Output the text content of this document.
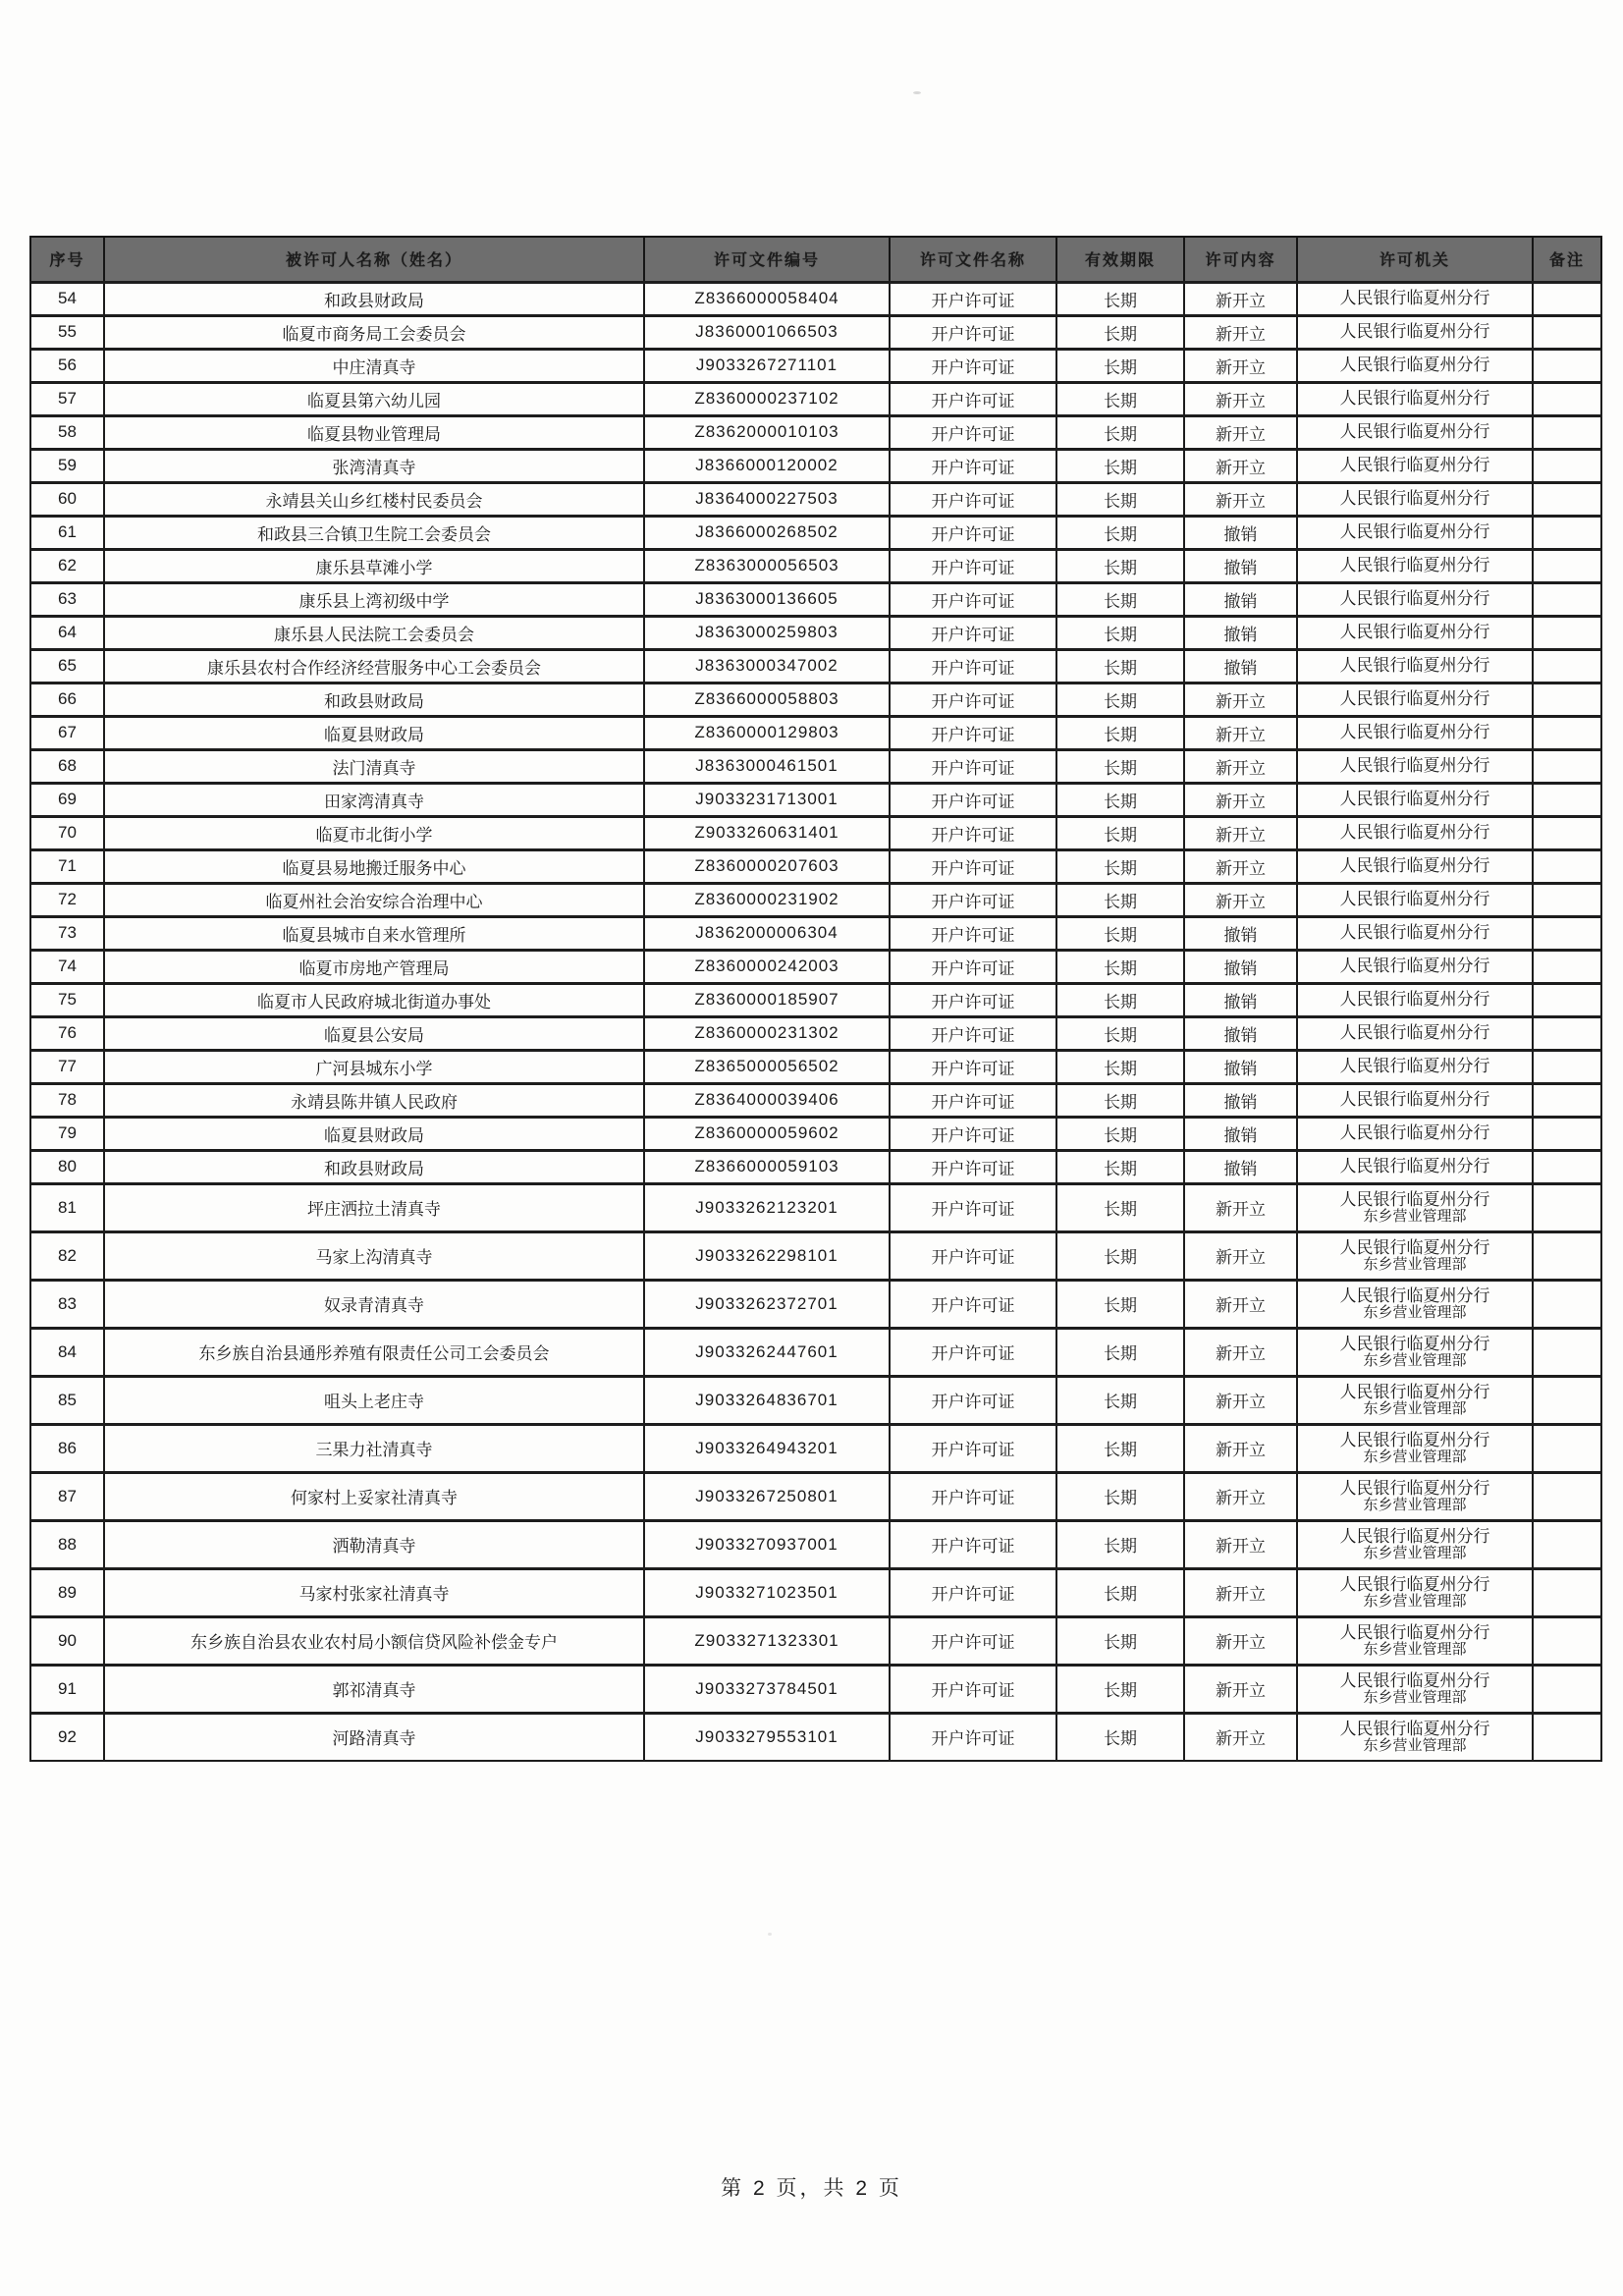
序号	被许可人名称（姓名）	许可文件编号	许可文件名称	有效期限	许可内容	许可机关	备注
54	和政县财政局	Z8366000058404	开户许可证	长期	新开立	人民银行临夏州分行	
55	临夏市商务局工会委员会	J8360001066503	开户许可证	长期	新开立	人民银行临夏州分行	
56	中庄清真寺	J9033267271101	开户许可证	长期	新开立	人民银行临夏州分行	
57	临夏县第六幼儿园	Z8360000237102	开户许可证	长期	新开立	人民银行临夏州分行	
58	临夏县物业管理局	Z8362000010103	开户许可证	长期	新开立	人民银行临夏州分行	
59	张湾清真寺	J8366000120002	开户许可证	长期	新开立	人民银行临夏州分行	
60	永靖县关山乡红楼村民委员会	J8364000227503	开户许可证	长期	新开立	人民银行临夏州分行	
61	和政县三合镇卫生院工会委员会	J8366000268502	开户许可证	长期	撤销	人民银行临夏州分行	
62	康乐县草滩小学	Z8363000056503	开户许可证	长期	撤销	人民银行临夏州分行	
63	康乐县上湾初级中学	J8363000136605	开户许可证	长期	撤销	人民银行临夏州分行	
64	康乐县人民法院工会委员会	J8363000259803	开户许可证	长期	撤销	人民银行临夏州分行	
65	康乐县农村合作经济经营服务中心工会委员会	J8363000347002	开户许可证	长期	撤销	人民银行临夏州分行	
66	和政县财政局	Z8366000058803	开户许可证	长期	新开立	人民银行临夏州分行	
67	临夏县财政局	Z8360000129803	开户许可证	长期	新开立	人民银行临夏州分行	
68	法门清真寺	J8363000461501	开户许可证	长期	新开立	人民银行临夏州分行	
69	田家湾清真寺	J9033231713001	开户许可证	长期	新开立	人民银行临夏州分行	
70	临夏市北街小学	Z9033260631401	开户许可证	长期	新开立	人民银行临夏州分行	
71	临夏县易地搬迁服务中心	Z8360000207603	开户许可证	长期	新开立	人民银行临夏州分行	
72	临夏州社会治安综合治理中心	Z8360000231902	开户许可证	长期	新开立	人民银行临夏州分行	
73	临夏县城市自来水管理所	J8362000006304	开户许可证	长期	撤销	人民银行临夏州分行	
74	临夏市房地产管理局	Z8360000242003	开户许可证	长期	撤销	人民银行临夏州分行	
75	临夏市人民政府城北街道办事处	Z8360000185907	开户许可证	长期	撤销	人民银行临夏州分行	
76	临夏县公安局	Z8360000231302	开户许可证	长期	撤销	人民银行临夏州分行	
77	广河县城东小学	Z8365000056502	开户许可证	长期	撤销	人民银行临夏州分行	
78	永靖县陈井镇人民政府	Z8364000039406	开户许可证	长期	撤销	人民银行临夏州分行	
79	临夏县财政局	Z8360000059602	开户许可证	长期	撤销	人民银行临夏州分行	
80	和政县财政局	Z8366000059103	开户许可证	长期	撤销	人民银行临夏州分行	
81	坪庄洒拉土清真寺	J9033262123201	开户许可证	长期	新开立	人民银行临夏州分行
东乡营业管理部	

82	马家上沟清真寺	J9033262298101	开户许可证	长期	新开立	人民银行临夏州分行
东乡营业管理部	

83	奴录青清真寺	J9033262372701	开户许可证	长期	新开立	人民银行临夏州分行
东乡营业管理部	

84	东乡族自治县通彤养殖有限责任公司工会委员会	J9033262447601	开户许可证	长期	新开立	人民银行临夏州分行
东乡营业管理部	

85	咀头上老庄寺	J9033264836701	开户许可证	长期	新开立	人民银行临夏州分行
东乡营业管理部	

86	三果力社清真寺	J9033264943201	开户许可证	长期	新开立	人民银行临夏州分行
东乡营业管理部	

87	何家村上妥家社清真寺	J9033267250801	开户许可证	长期	新开立	人民银行临夏州分行
东乡营业管理部	

88	洒勒清真寺	J9033270937001	开户许可证	长期	新开立	人民银行临夏州分行
东乡营业管理部	

89	马家村张家社清真寺	J9033271023501	开户许可证	长期	新开立	人民银行临夏州分行
东乡营业管理部	

90	东乡族自治县农业农村局小额信贷风险补偿金专户	Z9033271323301	开户许可证	长期	新开立	人民银行临夏州分行
东乡营业管理部	

91	郭祁清真寺	J9033273784501	开户许可证	长期	新开立	人民银行临夏州分行
东乡营业管理部	

92	河路清真寺	J9033279553101	开户许可证	长期	新开立	人民银行临夏州分行
东乡营业管理部	

第 2 页，共 2 页
